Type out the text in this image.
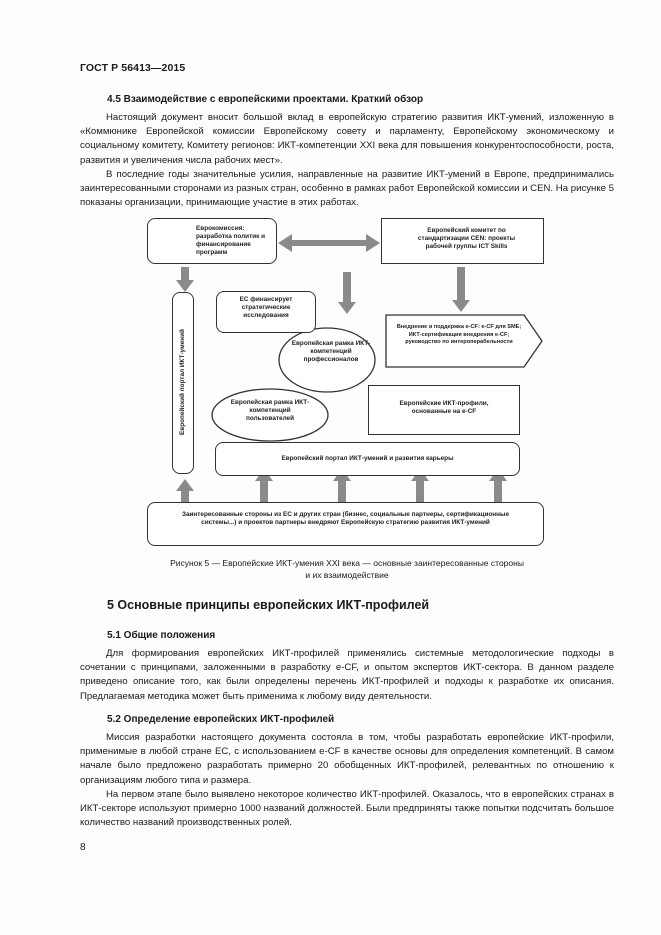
ГОСТ Р 56413—2015
4.5 Взаимодействие с европейскими проектами. Краткий обзор

Настоящий документ вносит большой вклад в европейскую стратегию развития ИКТ-умений, изложенную в «Коммюнике Европейской комиссии Европейскому совету и парламенту, Европейскому экономическому и социальному комитету, Комитету регионов: ИКТ-компетенции XXI века для повышения конкурентоспособности, роста, развития и увеличения числа рабочих мест».

В последние годы значительные усилия, направленные на развитие ИКТ-умений в Европе, предпринимались заинтересованными сторонами из разных стран, особенно в рамках работ Европейской комиссии и CEN. На рисунке 5 показаны организации, принимающие участие в этих работах.

Еврокомиссия: разработка политик и финансирование программ
Европейский комитет по стандартизации CEN: проекты рабочей группы ICT Skills
Европейский портал ИКТ-умений
ЕС финансирует стратегические исследования
Европейская рамка ИКТ-компетенций профессионалов
Внедрение и поддержка e-CF: e-CF для SME; ИКТ-сертификация внедрения e-CF; руководство по интероперабельности
Европейская рамка ИКТ-компетенций пользователей
Европейские ИКТ-профили, основанные на e-CF
Европейский портал ИКТ-умений и развития карьеры
Заинтересованные стороны из ЕС и других стран (бизнес, социальные партнеры, сертификационные системы...) и проектов партнеры внедряют Европейскую стратегию развития ИКТ-умений
Рисунок 5 — Европейские ИКТ-умения XXI века — основные заинтересованные стороны
и их взаимодействие
5 Основные принципы европейских ИКТ-профилей
5.1 Общие положения

Для формирования европейских ИКТ-профилей применялись системные методологические подходы в сочетании с принципами, заложенными в разработку e-CF, и опытом экспертов ИКТ-сектора. В данном разделе приведено описание того, как были определены перечень ИКТ-профилей и подходы к разработке их описания. Предлагаемая методика может быть применима к любому виду деятельности.

5.2 Определение европейских ИКТ-профилей

Миссия разработки настоящего документа состояла в том, чтобы разработать европейские ИКТ-профили, применимые в любой стране ЕС, с использованием e-CF в качестве основы для определения компетенций. В самом начале было предложено разработать примерно 20 обобщенных ИКТ-профилей, релевантных по отношению к организациям любого типа и размера.

На первом этапе было выявлено некоторое количество ИКТ-профилей. Оказалось, что в европейских странах в ИКТ-секторе используют примерно 1000 названий должностей. Были предприняты также попытки подсчитать большое количество названий производственных ролей.

8
